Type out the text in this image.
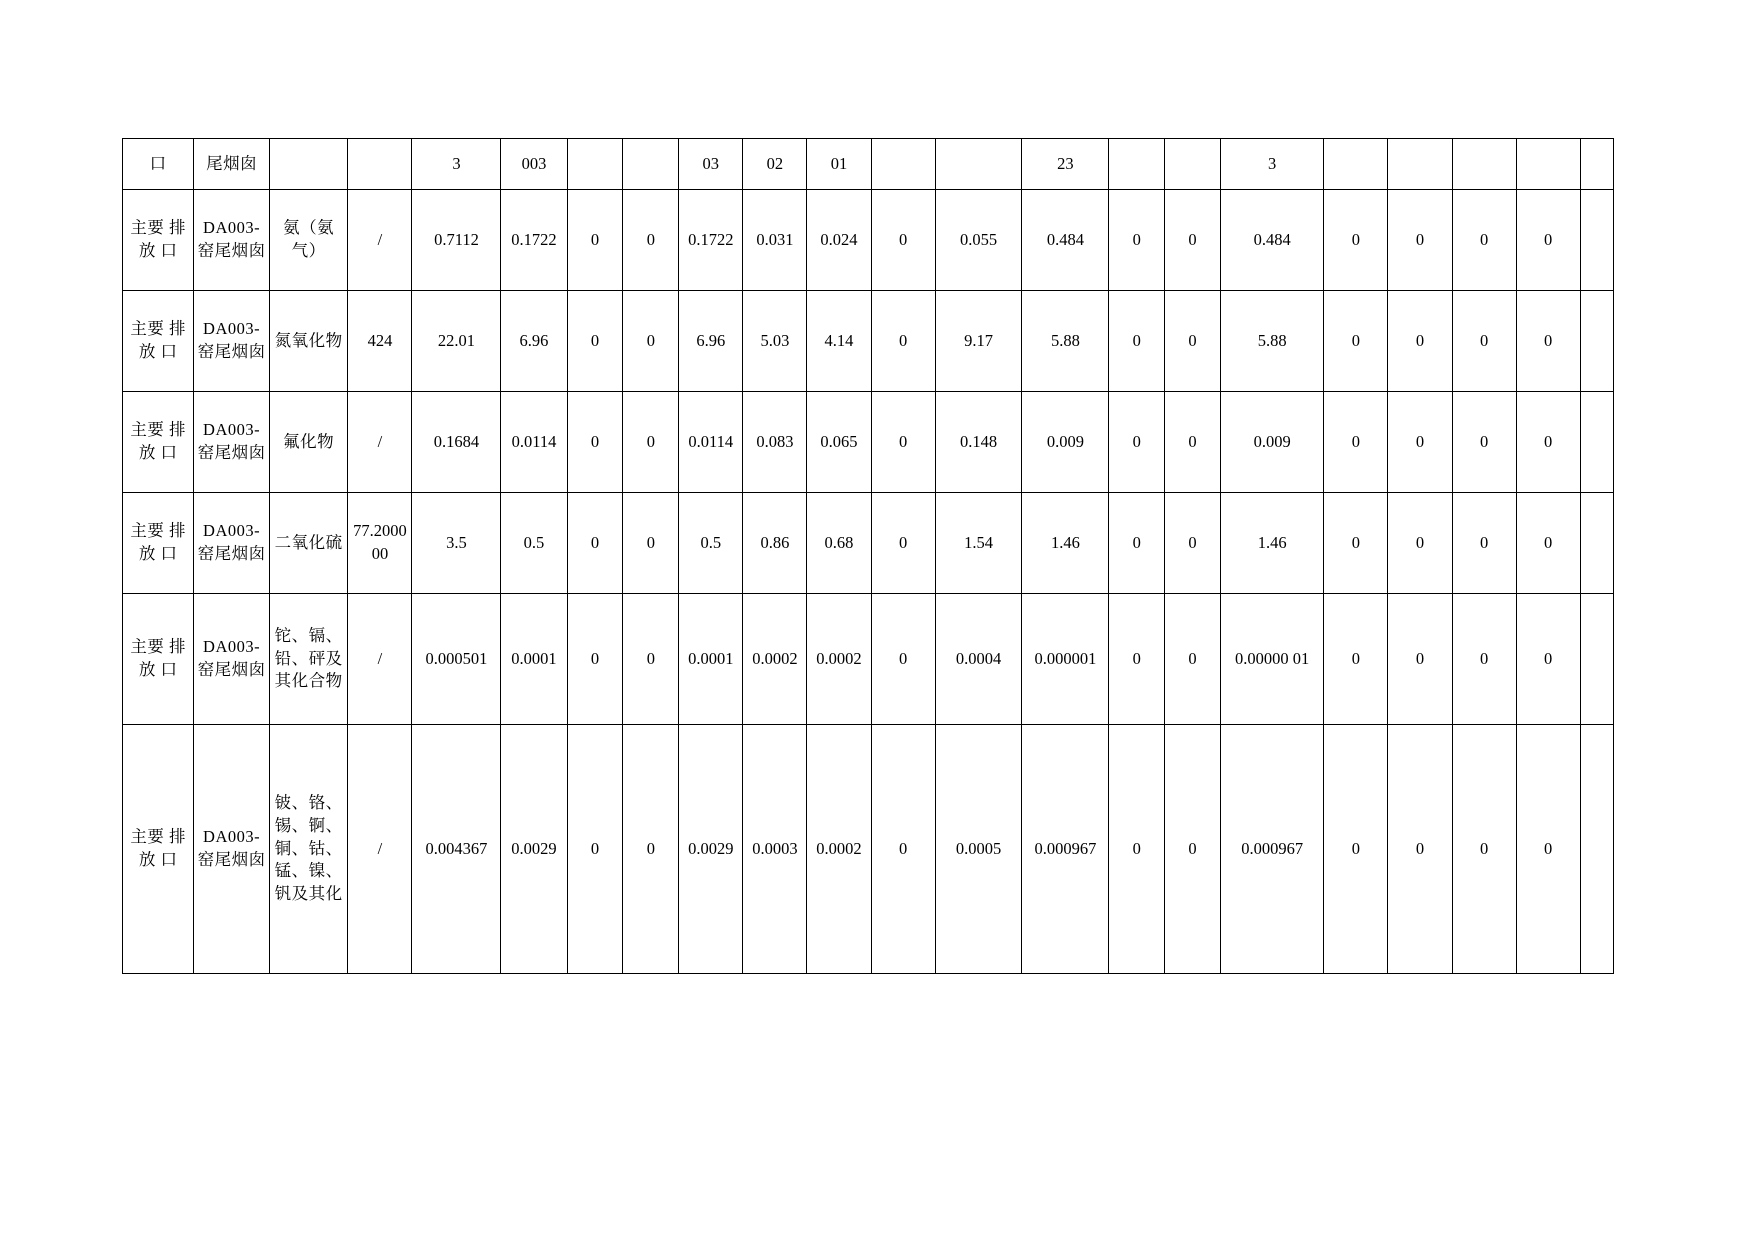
口	尾烟囱			3	003			03	02	01			23			3					
主要 排放 口	DA003-窑尾烟囱	氨（氨气）	/	0.7112	0.1722	0	0	0.1722	0.031	0.024	0	0.055	0.484	0	0	0.484	0	0	0	0	
主要 排放 口	DA003-窑尾烟囱	氮氧化物	424	22.01	6.96	0	0	6.96	5.03	4.14	0	9.17	5.88	0	0	5.88	0	0	0	0	
主要 排放 口	DA003-窑尾烟囱	氟化物	/	0.1684	0.0114	0	0	0.0114	0.083	0.065	0	0.148	0.009	0	0	0.009	0	0	0	0	
主要 排放 口	DA003-窑尾烟囱	二氧化硫	77.200000	3.5	0.5	0	0	0.5	0.86	0.68	0	1.54	1.46	0	0	1.46	0	0	0	0	
主要 排放 口	DA003-窑尾烟囱	铊、镉、铅、砰及其化合物	/	0.000501	0.0001	0	0	0.0001	0.0002	0.0002	0	0.0004	0.000001	0	0	0.00000 01	0	0	0	0	
主要 排放 口	DA003-窑尾烟囱	铍、铬、锡、锕、铜、钴、锰、镍、钒及其化	/	0.004367	0.0029	0	0	0.0029	0.0003	0.0002	0	0.0005	0.000967	0	0	0.000967	0	0	0	0	
